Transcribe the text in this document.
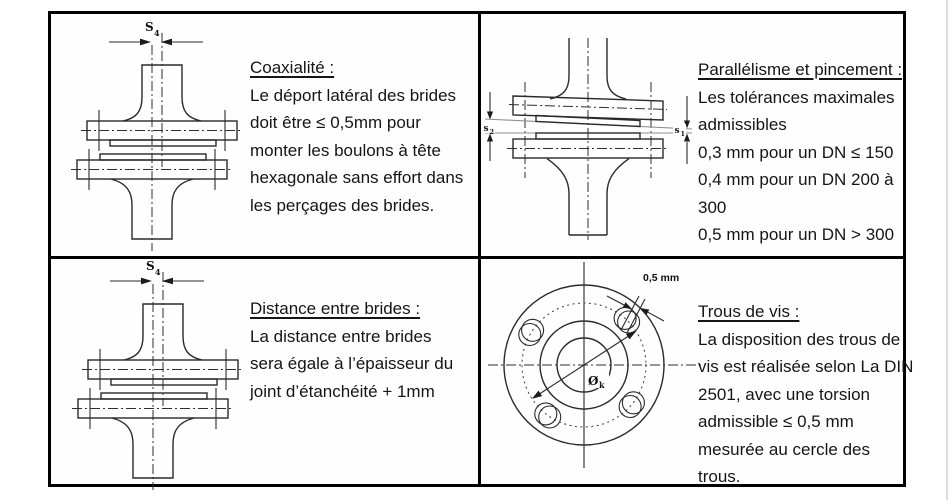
S 4
Coaxialité :
Le déport latéral des brides
doit être ≤ 0,5mm pour
monter les boulons à tête
hexagonale sans effort dans
les perçages des brides.
s 2	s 1
Parallélisme et pincement :
Les tolérances maximales
admissibles
0,3 mm pour un DN ≤ 150
0,4 mm pour un DN 200 à
300
0,5 mm pour un DN > 300
S 4
Distance entre brides :
La distance entre brides
sera égale à l’épaisseur du
joint d’étanchéité + 1mm
Ø k
0,5 mm
Trous de vis :
La disposition des trous de
vis est réalisée selon La DIN
2501, avec une torsion
admissible ≤ 0,5 mm
mesurée au cercle des
trous.
